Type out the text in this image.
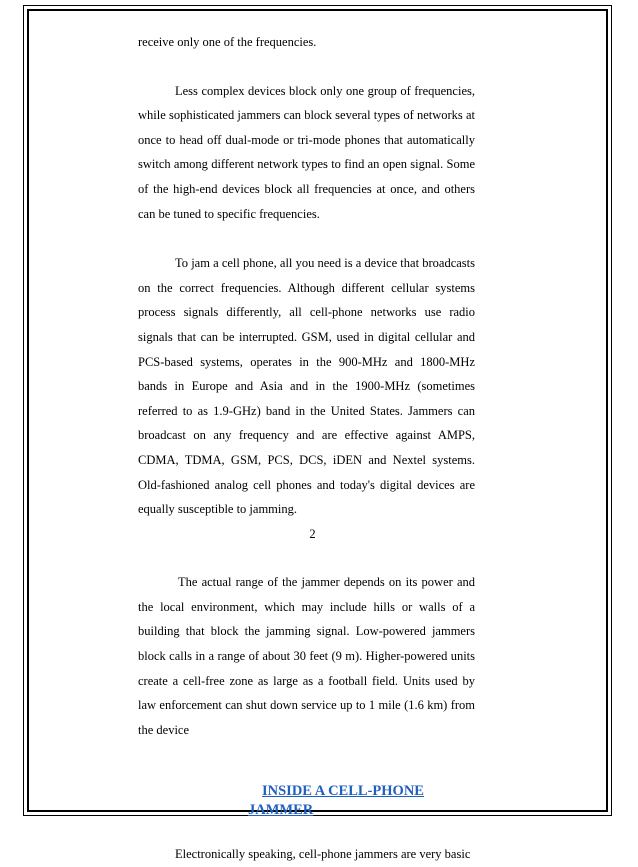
receive only one of the frequencies.

Less complex devices block only one group of frequencies, while sophisticated jammers can block several types of networks at once to head off dual-mode or tri-mode phones that automatically switch among different network types to find an open signal. Some of the high-end devices block all frequencies at once, and others can be tuned to specific frequencies.

To jam a cell phone, all you need is a device that broadcasts on the correct frequencies. Although different cellular systems process signals differently, all cell-phone networks use radio signals that can be interrupted. GSM, used in digital cellular and PCS-based systems, operates in the 900-MHz and 1800-MHz bands in Europe and Asia and in the 1900-MHz (sometimes referred to as 1.9-GHz) band in the United States. Jammers can broadcast on any frequency and are effective against AMPS, CDMA, TDMA, GSM, PCS, DCS, iDEN and Nextel systems. Old-fashioned analog cell phones and today's digital devices are equally susceptible to jamming.

2

The actual range of the jammer depends on its power and the local environment, which may include hills or walls of a building that block the jamming signal. Low-powered jammers block calls in a range of about 30 feet (9 m). Higher-powered units create a cell-free zone as large as a football field. Units used by law enforcement can shut down service up to 1 mile (1.6 km) from the device

INSIDE A CELL-PHONE

JAMMER

Electronically speaking, cell-phone jammers are very basic
